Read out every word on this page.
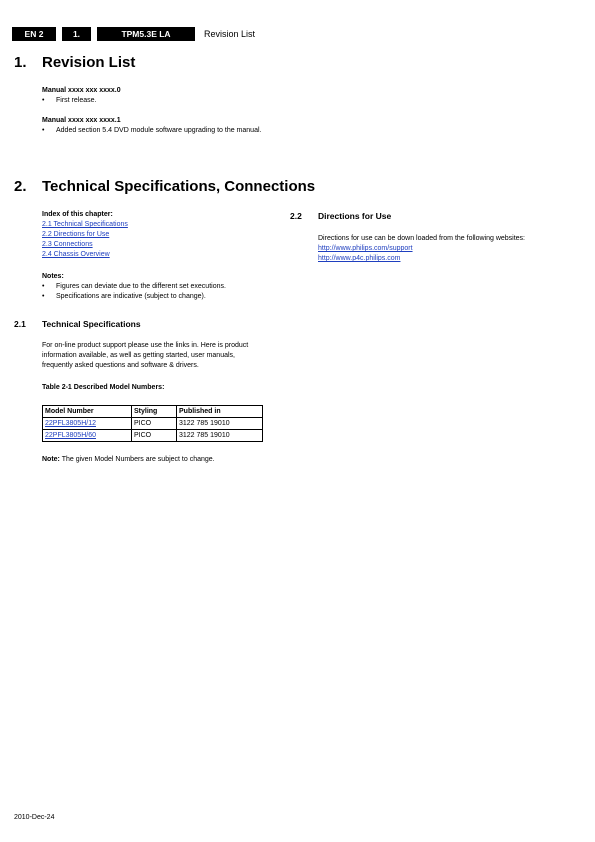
EN 2	1.	TPM5.3E LA	Revision List
1. Revision List
Manual xxxx xxx xxxx.0
• First release.
Manual xxxx xxx xxxx.1
• Added section 5.4 DVD module software upgrading to the manual.
2. Technical Specifications, Connections
Index of this chapter:
2.1 Technical Specifications
2.2 Directions for Use
2.3 Connections
2.4 Chassis Overview
Notes:
• Figures can deviate due to the different set executions.
• Specifications are indicative (subject to change).
2.1 Technical Specifications
For on-line product support please use the links in. Here is product information available, as well as getting started, user manuals, frequently asked questions and software & drivers.
Table 2-1 Described Model Numbers:
Model Number	Styling	Published in
22PFL3805H/12	PICO	3122 785 19010
22PFL3805H/60	PICO	3122 785 19010
Note: The given Model Numbers are subject to change.
2.2 Directions for Use
Directions for use can be down loaded from the following websites:
http://www.philips.com/support
http://www.p4c.philips.com
2010-Dec-24
